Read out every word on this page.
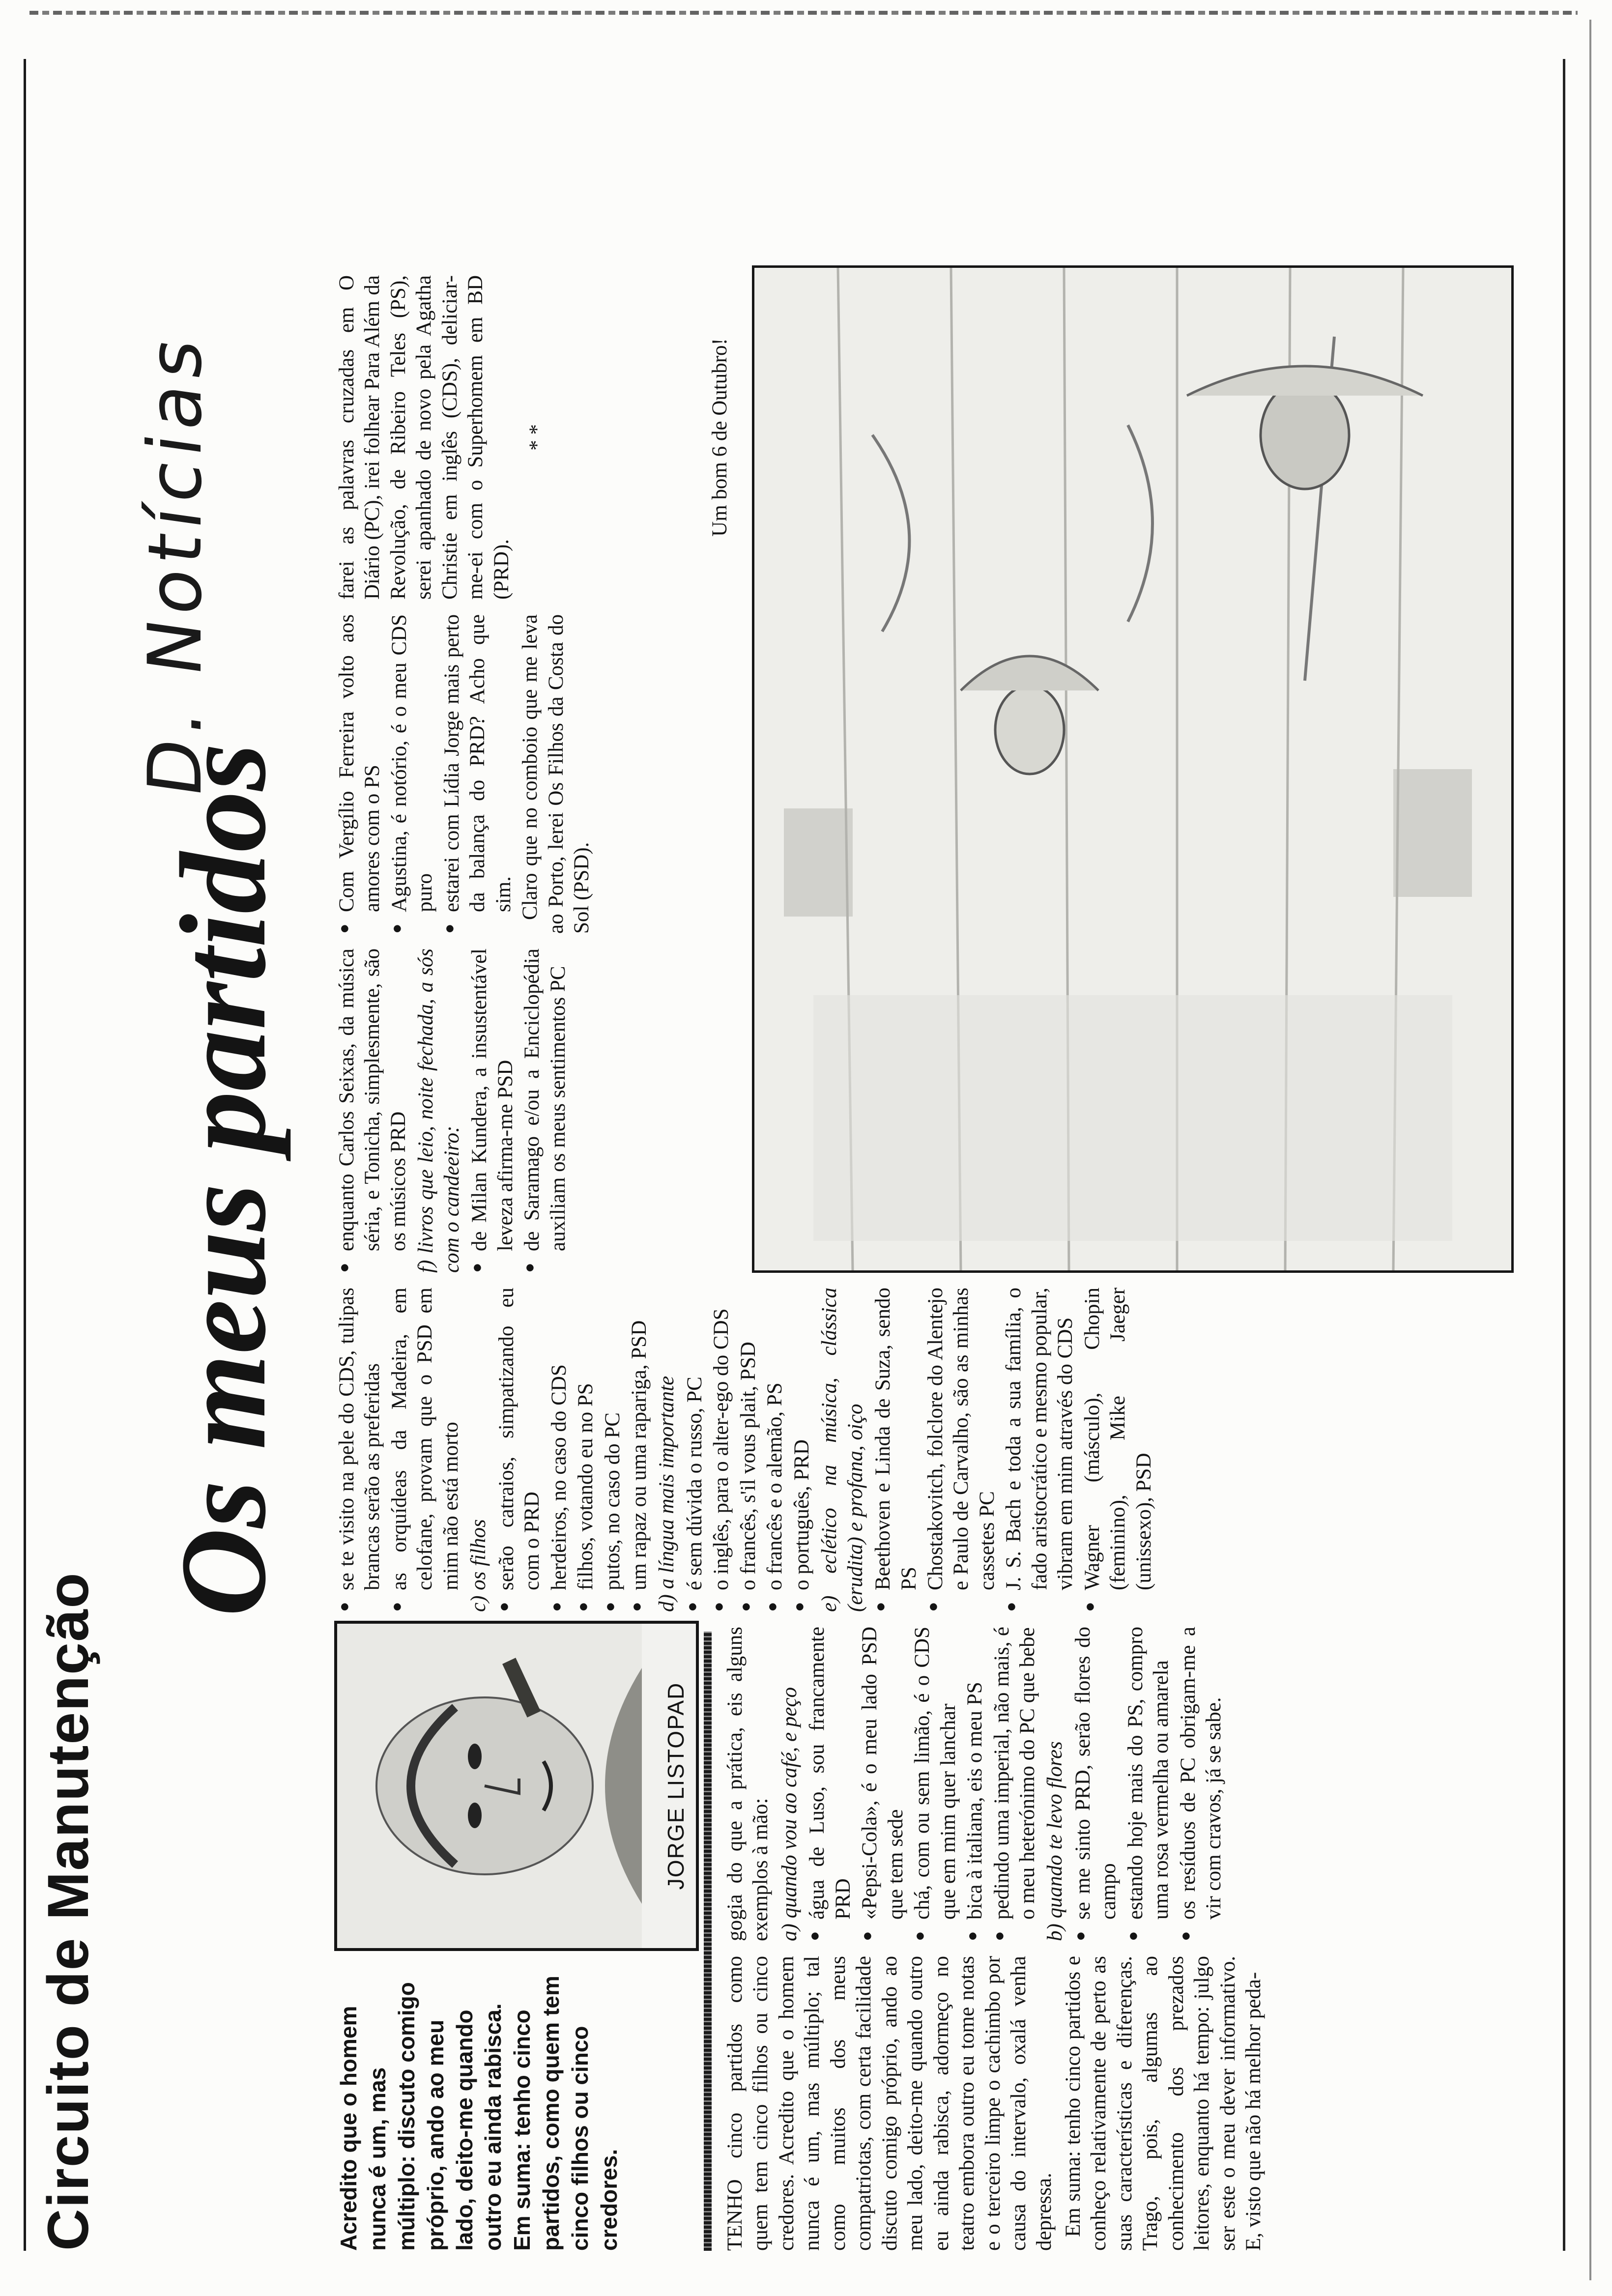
Circuito de Manutenção
Os meus partidos
D. Notícias
Acredito que o homem nunca é um, mas múltiplo: discuto comigo próprio, ando ao meu lado, deito-me quando outro eu ainda rabisca. Em suma: tenho cinco partidos, como quem tem cinco filhos ou cinco credores.
JORGE LISTOPAD

TENHO cinco partidos como quem tem cinco filhos ou cinco credores. Acredito que o homem nunca é um, mas múltiplo; tal como muitos dos meus compatriotas, com certa facilidade discuto comigo próprio, ando ao meu lado, deito-me quando outro eu ainda rabisca, adormeço no teatro embora outro eu tome notas e o terceiro limpe o cachimbo por causa do intervalo, oxalá venha depressa. Em suma: tenho cinco partidos e conheço relativamente de perto as suas características e diferenças. Trago, pois, algumas ao conhecimento dos prezados leitores, enquanto há tempo: julgo ser este o meu dever informativo. E, visto que não há melhor peda-

gogia do que a prática, eis alguns exemplos à mão: a) quando vou ao café, e peço ● água de Luso, sou francamente PRD ● «Pepsi-Cola», é o meu lado PSD que tem sede ● chá, com ou sem limão, é o CDS que em mim quer lanchar ● bica à italiana, eis o meu PS ● pedindo uma imperial, não mais, é o meu heterónimo do PC que bebe b) quando te levo flores ● se me sinto PRD, serão flores do campo ● estando hoje mais do PS, compro uma rosa vermelha ou amarela ● os resíduos de PC obrigam-me a vir com cravos, já se sabe.
● se te visito na pele do CDS, tulipas brancas serão as preferidas ● as orquídeas da Madeira, em celofane, provam que o PSD em mim não está morto c) os filhos ● serão catraios, simpatizando eu com o PRD ● herdeiros, no caso do CDS ● filhos, votando eu no PS ● putos, no caso do PC ● um rapaz ou uma rapariga, PSD d) a língua mais importante ● é sem dúvida o russo, PC ● o inglês, para o alter-ego do CDS ● o francês, s'il vous plait, PSD ● o francês e o alemão, PS ● o português, PRD e) eclético na música, clássica (erudita) e profana, oiço ● Beethoven e Linda de Suza, sendo PS ● Chostakovitch, folclore do Alentejo e Paulo de Carvalho, são as minhas cassetes PC ● J. S. Bach e toda a sua família, o fado aristocrático e mesmo popular, vibram em mim através do CDS ● Wagner (másculo), Chopin (feminino), Mike Jaeger (unissexo), PSD
● enquanto Carlos Seixas, da música séria, e Tonicha, simplesmente, são os músicos PRD f) livros que leio, noite fechada, a sós com o candeeiro: ● de Milan Kundera, a insustentável leveza afirma-me PSD ● de Saramago e/ou a Enciclopédia auxiliam os meus sentimentos PC
● Com Vergílio Ferreira volto aos amores com o PS ● Agustina, é notório, é o meu CDS puro ● estarei com Lídia Jorge mais perto da balança do PRD? Acho que sim. Claro que no comboio que me leva ao Porto, lerei Os Filhos da Costa do Sol (PSD).

farei as palavras cruzadas em O Diário (PC), irei folhear Para Além da Revolução, de Ribeiro Teles (PS), serei apanhado de novo pela Agatha Christie em inglês (CDS), deliciar-me-ei com o Superhomem em BD (PRD).

* *	Um bom 6 de Outubro!
